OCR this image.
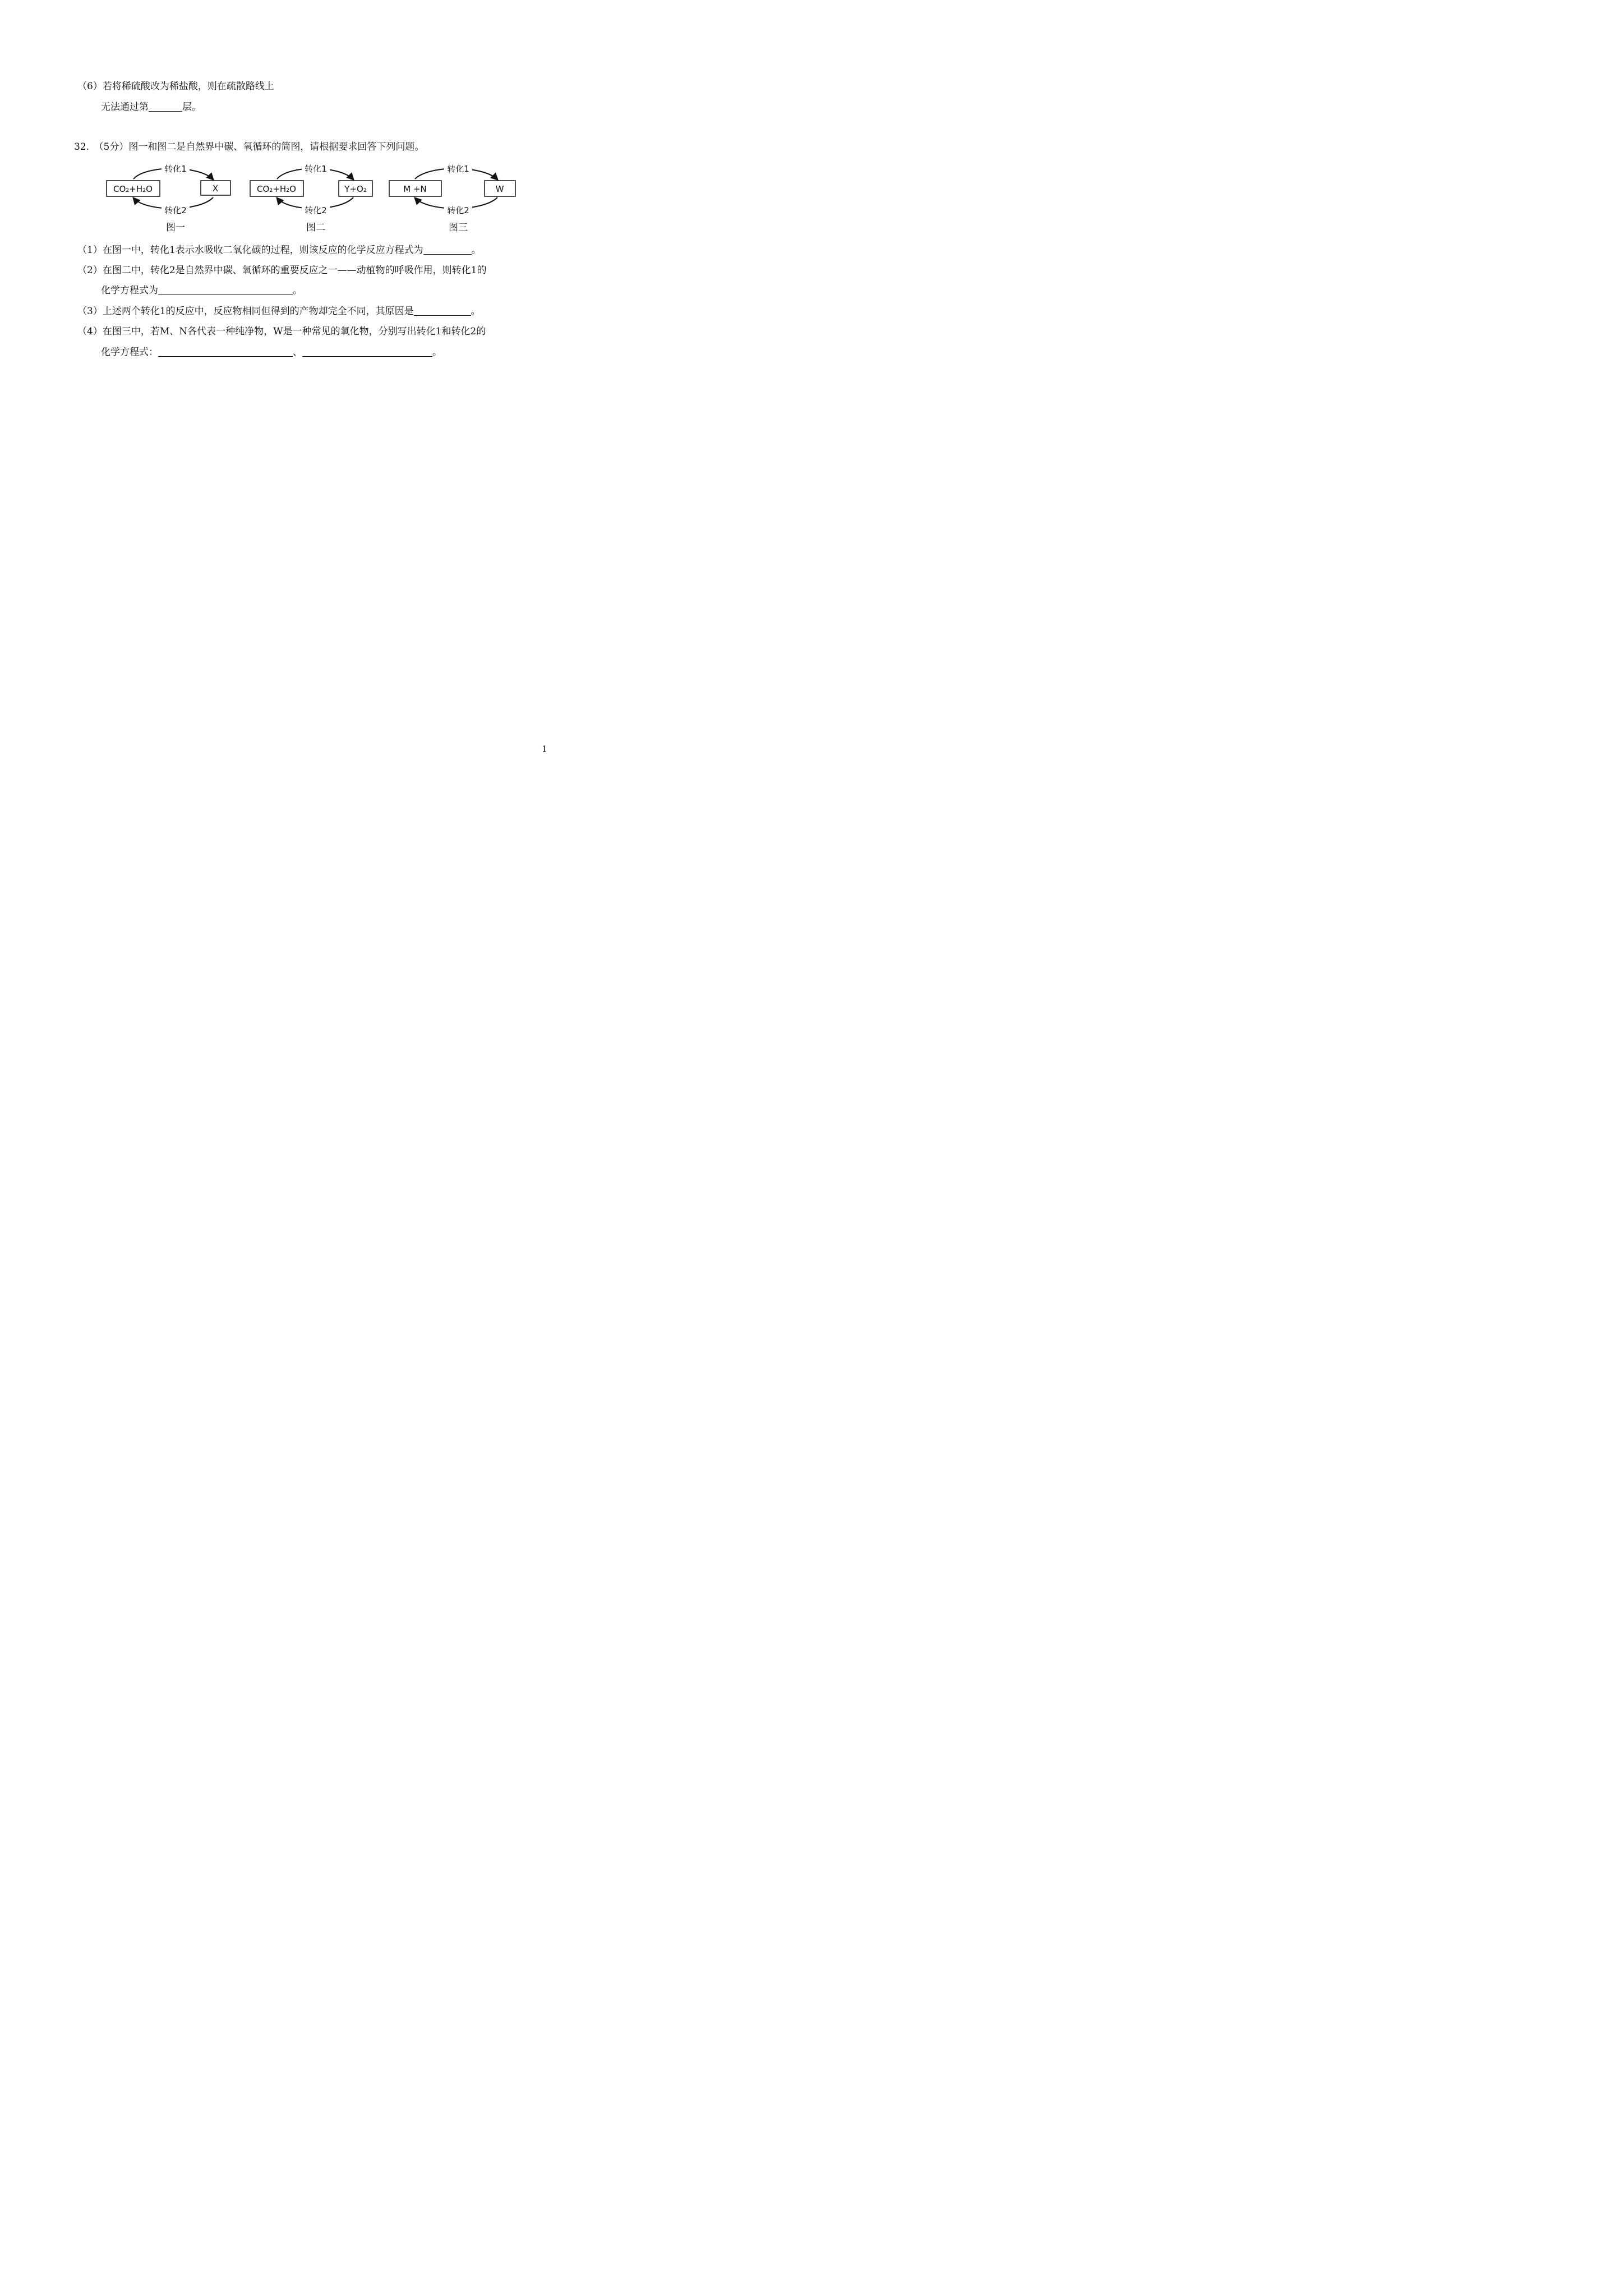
（6）若将稀硫酸改为稀盐酸，则在疏散路线上
无法通过第	层。
32.　（5分）图一和图二是自然界中碳、氧循环的简图，请根据要求回答下列问题。
CO₂+H₂O	X
转化1
转化2
图一
CO₂+H₂O	Y+O₂
转化1
转化2
图二
M +N	W
转化1
转化2
图三
（1）在图一中，转化1表示水吸收二氧化碳的过程，则该反应的化学反应方程式为	。
（2）在图二中，转化2是自然界中碳、氧循环的重要反应之一——动植物的呼吸作用，则转化1的
化学方程式为	。
（3）上述两个转化1的反应中，反应物相同但得到的产物却完全不同，其原因是	。
（4）在图三中，若M、N各代表一种纯净物，W是一种常见的氧化物，分别写出转化1和转化2的
化学方程式：	、	。
1
